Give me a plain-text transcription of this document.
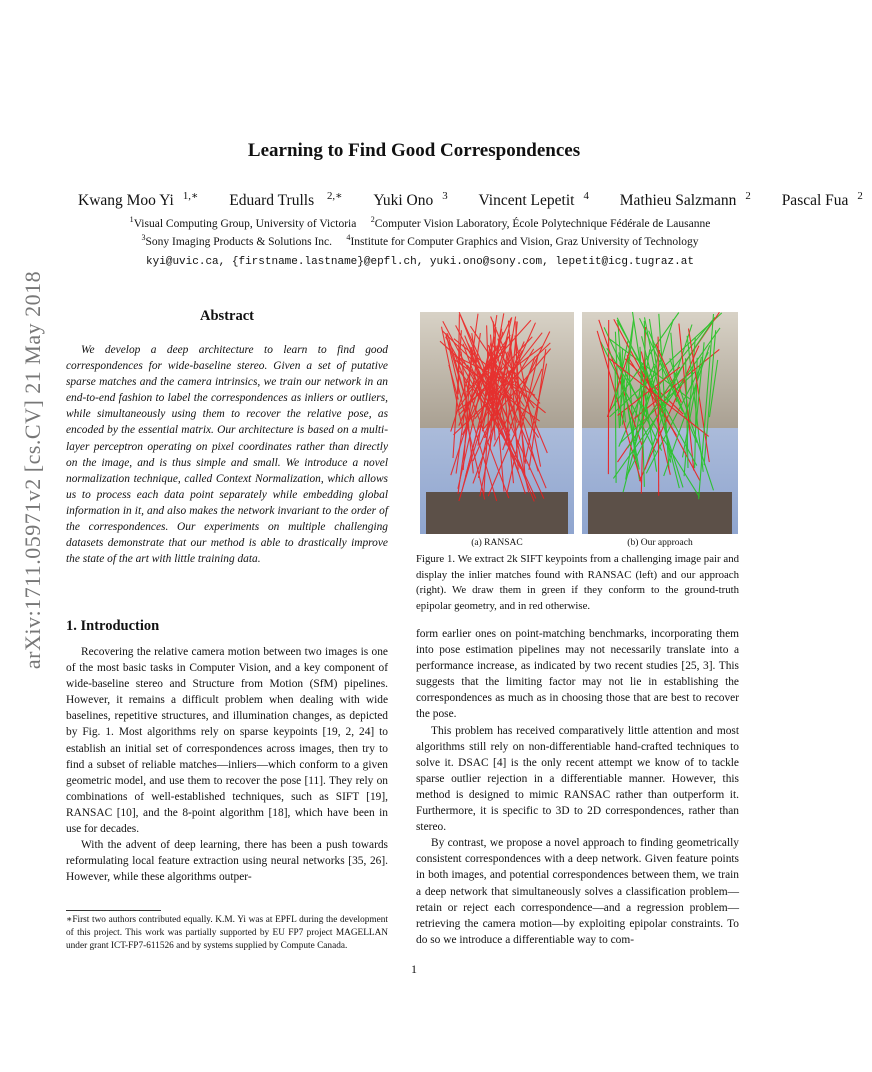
Learning to Find Good Correspondences
Kwang Moo Yi $^{1,∗}$ Eduard Trulls $^{2,∗}$ Yuki Ono $^3$ Vincent Lepetit $^4$ Mathieu Salzmann $^2$ Pascal Fua $^2$
$^1$Visual Computing Group, University of Victoria $^2$Computer Vision Laboratory, École Polytechnique Fédérale de Lausanne
$^3$Sony Imaging Products & Solutions Inc. $^4$Institute for Computer Graphics and Vision, Graz University of Technology
kyi@uvic.ca, {firstname.lastname}@epfl.ch, yuki.ono@sony.com, lepetit@icg.tugraz.at
arXiv:1711.05971v2 [cs.CV] 21 May 2018	Abstract

We develop a deep architecture to learn to find good correspondences for wide-baseline stereo. Given a set of putative sparse matches and the camera intrinsics, we train our network in an end-to-end fashion to label the correspondences as inliers or outliers, while simultaneously using them to recover the relative pose, as encoded by the essential matrix. Our architecture is based on a multi-layer perceptron operating on pixel coordinates rather than directly on the image, and is thus simple and small. We introduce a novel normalization technique, called Context Normalization, which allows us to process each data point separately while embedding global information in it, and also makes the network invariant to the order of the correspondences. Our experiments on multiple challenging datasets demonstrate that our method is able to drastically improve the state of the art with little training data.

1. Introduction

Recovering the relative camera motion between two images is one of the most basic tasks in Computer Vision, and a key component of wide-baseline stereo and Structure from Motion (SfM) pipelines. However, it remains a difficult problem when dealing with wide baselines, repetitive structures, and illumination changes, as depicted by Fig. 1. Most algorithms rely on sparse keypoints [19, 2, 24] to establish an initial set of correspondences across images, then try to find a subset of reliable matches—inliers—which conform to a given geometric model, and use them to recover the pose [11]. They rely on combinations of well-established techniques, such as SIFT [19], RANSAC [10], and the 8-point algorithm [18], which have been in use for decades.

With the advent of deep learning, there has been a push towards reformulating local feature extraction using neural networks [35, 26]. However, while these algorithms outper-

(a) RANSAC	(b) Our approach
Figure 1. We extract 2k SIFT keypoints from a challenging image pair and display the inlier matches found with RANSAC (left) and our approach (right). We draw them in green if they conform to the ground-truth epipolar geometry, and in red otherwise.

form earlier ones on point-matching benchmarks, incorporating them into pose estimation pipelines may not necessarily translate into a performance increase, as indicated by two recent studies [25, 3]. This suggests that the limiting factor may not lie in establishing the correspondences as much as in choosing those that are best to recover the pose.

This problem has received comparatively little attention and most algorithms still rely on non-differentiable hand-crafted techniques to solve it. DSAC [4] is the only recent attempt we know of to tackle sparse outlier rejection in a differentiable manner. However, this method is designed to mimic RANSAC rather than outperform it. Furthermore, it is specific to 3D to 2D correspondences, rather than stereo.

By contrast, we propose a novel approach to finding geometrically consistent correspondences with a deep network. Given feature points in both images, and potential correspondences between them, we train a deep network that simultaneously solves a classification problem—retain or reject each correspondence—and a regression problem—retrieving the camera motion—by exploiting epipolar constraints. To do so we introduce a differentiable way to com-

∗First two authors contributed equally. K.M. Yi was at EPFL during the development of this project. This work was partially supported by EU FP7 project MAGELLAN under grant ICT-FP7-611526 and by systems supplied by Compute Canada.
1
